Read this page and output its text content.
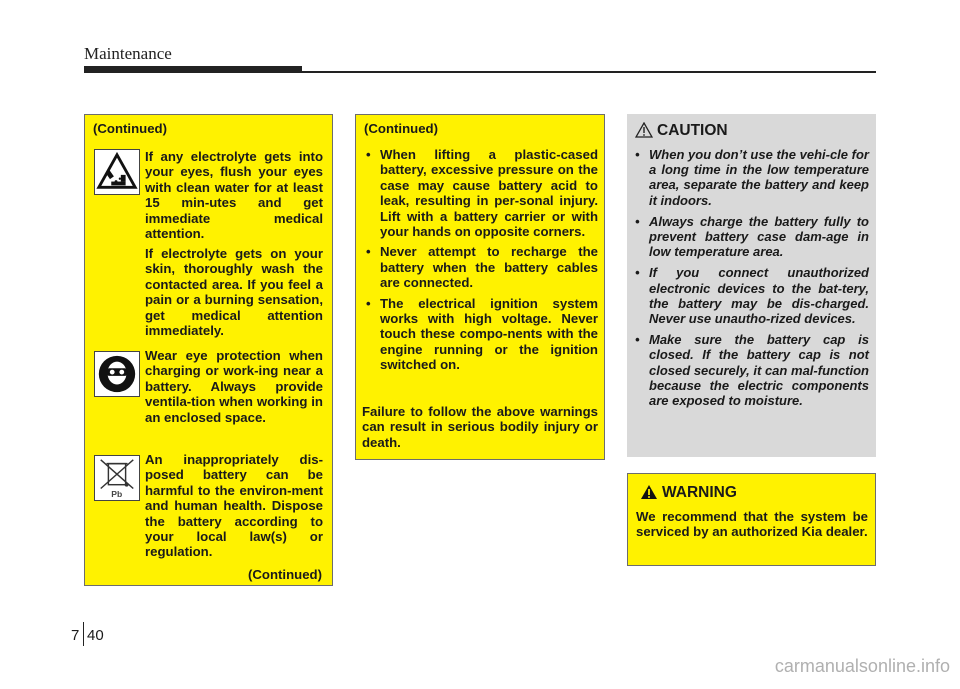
Maintenance
(Continued)
Pb
If any electrolyte gets into your eyes, flush your eyes with clean water for at least 15 min-utes and get immediate medical attention.
If electrolyte gets on your skin, thoroughly wash the contacted area. If you feel a pain or a burning sensation, get medical attention immediately.
Wear eye protection when charging or work-ing near a battery. Always provide ventila-tion when working in an enclosed space.
An inappropriately dis-posed battery can be harmful to the environ-ment and human health. Dispose the battery according to your local law(s) or regulation.
(Continued)
(Continued)
• When lifting a plastic-cased battery, excessive pressure on the case may cause battery acid to leak, resulting in per-sonal injury. Lift with a battery carrier or with your hands on opposite corners.
• Never attempt to recharge the battery when the battery cables are connected.
• The electrical ignition system works with high voltage. Never touch these compo-nents with the engine running or the ignition switched on.
Failure to follow the above warnings can result in serious bodily injury or death.
CAUTION
• When you don’t use the vehi-cle for a long time in the low temperature area, separate the battery and keep it indoors.
• Always charge the battery fully to prevent battery case dam-age in low temperature area.
• If you connect unauthorized electronic devices to the bat-tery, the battery may be dis-charged. Never use unautho-rized devices.
• Make sure the battery cap is closed. If the battery cap is not closed securely, it can mal-function because the electric components are exposed to moisture.
WARNING
We recommend that the system be serviced by an authorized Kia dealer.
7 40
carmanualsonline.info
